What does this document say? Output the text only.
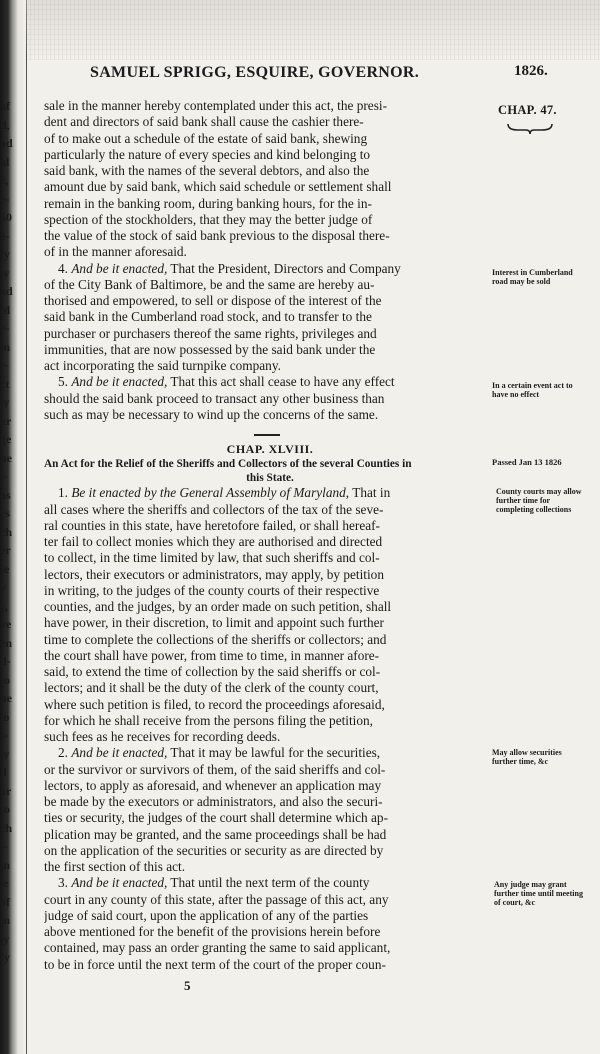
of
d,
ad
al
e,
e-
50
e-
ty
ly
ad
id
e-
in
r-
ct
ly
ar
ge
ne
i-
as
rs
ch
er
-e
y
s,
ve
en
il-
to
ne
io
s-
ly
il
or
to
ch
i-
in
ie
of
in
ly
ty
SAMUEL SPRIGG, ESQUIRE, GOVERNOR.	1826.
CHAP. 47.
Interest in Cumberland road may be sold
In a certain event act to have no effect
Passed Jan 13 1826
County courts may allow further time for completing collections
May allow securities further time, &c
Any judge may grant further time until meeting of court, &c
sale in the manner hereby contemplated under this act, the presi-
dent and directors of said bank shall cause the cashier there-
of to make out a schedule of the estate of said bank, shewing
particularly the nature of every species and kind belonging to
said bank, with the names of the several debtors, and also the
amount due by said bank, which said schedule or settlement shall
remain in the banking room, during banking hours, for the in-
spection of the stockholders, that they may the better judge of
the value of the stock of said bank previous to the disposal there-
of in the manner aforesaid.
4. And be it enacted, That the President, Directors and Company
of the City Bank of Baltimore, be and the same are hereby au-
thorised and empowered, to sell or dispose of the interest of the
said bank in the Cumberland road stock, and to transfer to the
purchaser or purchasers thereof the same rights, privileges and
immunities, that are now possessed by the said bank under the
act incorporating the said turnpike company.
5. And be it enacted, That this act shall cease to have any effect
should the said bank proceed to transact any other business than
such as may be necessary to wind up the concerns of the same.
CHAP. XLVIII.
An Act for the Relief of the Sheriffs and Collectors of the several Counties in
this State.
1. Be it enacted by the General Assembly of Maryland, That in
all cases where the sheriffs and collectors of the tax of the seve-
ral counties in this state, have heretofore failed, or shall hereaf-
ter fail to collect monies which they are authorised and directed
to collect, in the time limited by law, that such sheriffs and col-
lectors, their executors or administrators, may apply, by petition
in writing, to the judges of the county courts of their respective
counties, and the judges, by an order made on such petition, shall
have power, in their discretion, to limit and appoint such further
time to complete the collections of the sheriffs or collectors; and
the court shall have power, from time to time, in manner afore-
said, to extend the time of collection by the said sheriffs or col-
lectors; and it shall be the duty of the clerk of the county court,
where such petition is filed, to record the proceedings aforesaid,
for which he shall receive from the persons filing the petition,
such fees as he receives for recording deeds.
2. And be it enacted, That it may be lawful for the securities,
or the survivor or survivors of them, of the said sheriffs and col-
lectors, to apply as aforesaid, and whenever an application may
be made by the executors or administrators, and also the securi-
ties or security, the judges of the court shall determine which ap-
plication may be granted, and the same proceedings shall be had
on the application of the securities or security as are directed by
the first section of this act.
3. And be it enacted, That until the next term of the county
court in any county of this state, after the passage of this act, any
judge of said court, upon the application of any of the parties
above mentioned for the benefit of the provisions herein before
contained, may pass an order granting the same to said applicant,
to be in force until the next term of the court of the proper coun-
5
